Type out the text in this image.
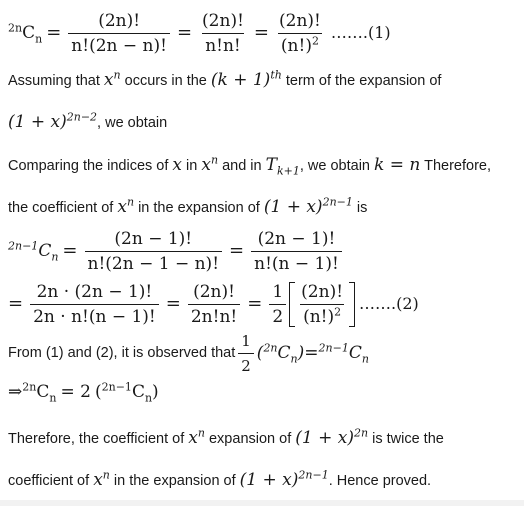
$^{2n}C_n = \frac{(2n)!}{n!(2n - n)!} = \frac{(2n)!}{n!n!} = \frac{(2n)!}{(n!)^2}$ …….(1)
Assuming that $x^n$ occurs in the $(k + 1)^{th}$ term of the expansion of
$(1 + x)^{2n-2}$, we obtain
Comparing the indices of x in $x^n$ and in $T_{k+1}$, we obtain k = n Therefore,
the coefficient of $x^n$ in the expansion of $(1 + x)^{2n-1}$ is
$^{2n-1}C_n = \frac{(2n - 1)!}{n!(2n - 1 - n)!} = \frac{(2n - 1)!}{n!(n - 1)!}$
= $\frac{2n \cdot (2n - 1)!}{2n \cdot n!(n - 1)!} = \frac{(2n)!}{2n!n!} = \frac{1}{2} \frac{(2n)!}{(n!)^2}$ …….(2)
From (1) and (2), it is observed that $\frac{1}{2} (^{2n}C_n) = ^{2n-1}C_n$
$\Rightarrow^{2n}C_n = 2$ $(^{2n-1}C_n)$
Therefore, the coefficient of $x^n$ expansion of $(1 + x)^{2n}$ is twice the
coefficient of $x^n$ in the expansion of $(1 + x)^{2n-1}$. Hence proved.
